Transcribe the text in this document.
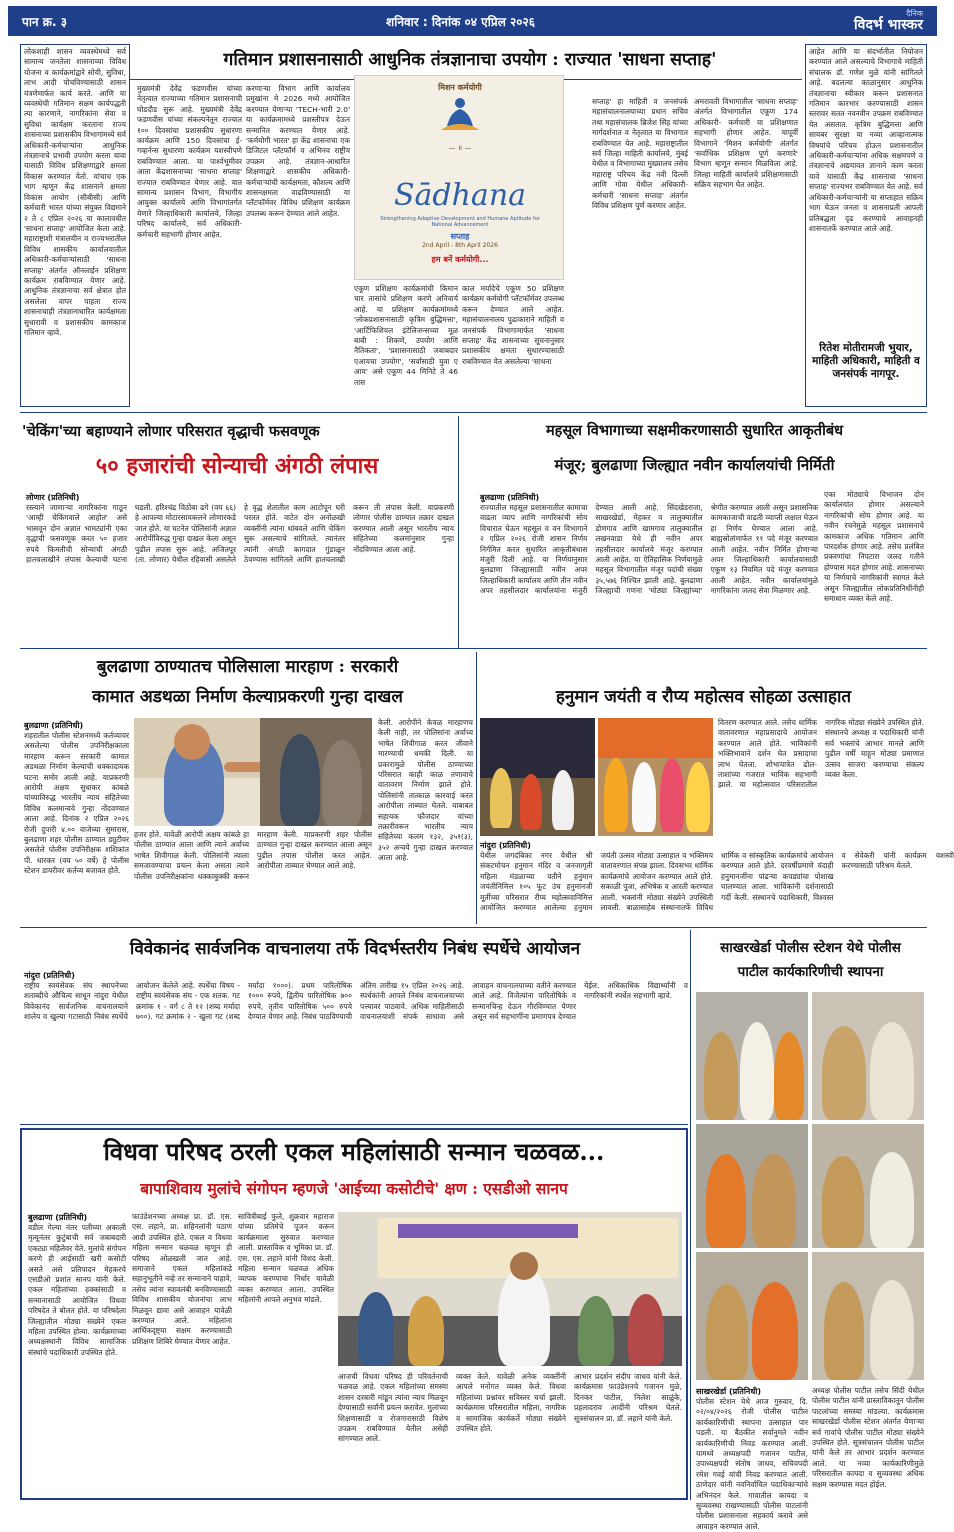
पान क्र. ३	शनिवार : दिनांक ०४ एप्रिल २०२६
दैनिक
विदर्भ भास्कर
गतिमान प्रशासनासाठी आधुनिक तंत्रज्ञानाचा उपयोग : राज्यात 'साधना सप्ताह'
लोकशाही शासन व्यवस्थेमध्ये सर्व सामान्य जनतेला शासनाच्या विविध योजना व कार्यक्रमांद्वारे सोयी, सुविधा, लाभ आदी पोचविण्यासाठी शासन यंत्रणेमार्फत कार्य करते. आणि या व्यवस्थेची गतिमान सक्षम कार्यपद्धती त्या कारणाने, नागरिकांना सेवा व सुविधा कार्यक्षम करताना राज्य शासनाच्या प्रशासकीय विभागांमध्ये सर्व अधिकारी-कर्मचाऱ्यांना आधुनिक तंत्रज्ञानाचे प्रभावी उपयोग करता यावा यासाठी विविध प्रशिक्षणाद्वारे क्षमता विकास करण्यात येतो. यांचाच एक भाग म्हणून केंद्र शासनाने क्षमता विकास आयोग (सीबीसी) आणि कर्मचारी भारत यांच्या संयुक्त विद्यमाने २ ते ८ एप्रिल २०२६ या कालावधीत 'साधना सप्ताह' आयोजित केला आहे. महाराष्ट्राशी मंत्रालयीन व राज्यभरातील विविध शासकीय कार्यालयातील अधिकारी-कर्मचाऱ्यांसाठी 'साधना सप्ताह' अंतर्गत ऑनलाईन प्रशिक्षण कार्यक्रम राबविण्यात येणार आहे. आधुनिक तंत्रज्ञानाचा सर्व क्षेत्रात होत असलेला वापर पाहता राज्य शासनाचाही तंत्रज्ञानाधारित कार्यक्षमता सुधारावी व प्रशासकीय कामकाज गतिमान व्हावे.
मुख्यमंत्री देवेंद्र फडणवीस यांच्या नेतृत्वात राज्याच्या गतिमान प्रशासनाची घोडदौड सुरू आहे. मुख्यमंत्री देवेंद्र फडणवीस यांच्या संकल्पनेतून राज्यात १०० दिवसांचा प्रशासकीय सुधारणा कार्यक्रम आणि 150 दिवसांचा ई-गव्हर्नन्स सुधारणा कार्यक्रम यशस्वीपणे राबविण्यात आला. या पार्श्वभूमीवर आता केंद्रशासनाच्या 'साधना सप्ताह' राज्यात राबविण्यात येणार आहे. यात सामान्य प्रशासन विभाग, विभागीय आयुक्त कार्यालये आणि विभागांतर्गत येणारे जिल्हाधिकारी कार्यालये, जिल्हा परिषद कार्यालये, सर्व अधिकारी-कर्मचारी सहभागी होणार आहेत.
करणाऱ्या विभाग आणि कार्यालय प्रमुखांना मे 2026 मध्ये आयोजित करण्यात येणाऱ्या 'TECH-भारी 2.0' या कार्यक्रमामध्ये प्रशस्तीपत्र देऊन सन्मानित करण्यात येणार आहे. 'कर्मयोगी भारत' हा केंद्र शासनाचा एक डिजिटल प्लॅटफॉर्म व अभिनव राष्ट्रीय उपक्रम आहे. तंत्रज्ञान-आधारित शिक्षणाद्वारे शासकीय अधिकारी-कर्मचाऱ्यांची कार्यक्षमता, कौशल्य आणि शासनक्षमता वाढविण्यासाठी या प्लॅटफॉर्मवर विविध प्रशिक्षण कार्यक्रम उपलब्ध करून देण्यात आले आहेत.
मिशन कर्मयोगी
— ॥ —
Sādhana
Strengthening Adaptive Development and Humane Aptitude for National Advancement
सप्ताह
2nd April - 8th April 2026
हम बनें कर्मयोगी...
एकूण प्रशिक्षण कार्यक्रमांची किमान चार तासांचे प्रशिक्षण करणे अनिवार्य आहे. या प्रशिक्षण कार्यक्रमांमध्ये 'लोकप्रशासनासाठी कृत्रिम बुद्धिमत्ता', 'आर्टिफिशियल इंटेलिजन्सच्या मूळ बाबी : शिकणे, उपयोग आणि नैतिकता', 'प्रशासनासाठी जबाबदार एआयचा उपयोग', 'सर्वांसाठी युवा ए आय' असे एकूण 44 मिनिटे ते 46 तास
काल मर्यादेचे एकूण 50 प्रशिक्षण कार्यक्रम कर्मयोगी प्लॅटफॉर्मवर उपलब्ध करून देण्यात आले आहेत. महासंचालनालय पुढाकाराने माहिती व जनसंपर्क विभागामार्फत 'साधना सप्ताह' केंद्र शासनाच्या सूचनानुसार प्रशासकीय क्षमता सुधारण्यासाठी राबविण्यात येत असलेल्या 'साधना
सप्ताह' हा माहिती व जनसंपर्क महासंचालनालयाच्या प्रधान सचिव तथा महासंचालक ब्रिजेश सिंह यांच्या मार्गदर्शनात व नेतृत्वात या विभागात राबविण्यात येत आहे. महाराष्ट्रातील सर्व जिल्हा माहिती कार्यालये, मुंबई येथील व विभागाच्या मुख्यालय तसेच महाराष्ट्र परिचय केंद्र नवी दिल्ली आणि गोवा येथील अधिकारी-कर्मचारी 'साधना सप्ताह' अंतर्गत विविध प्रशिक्षण पूर्ण करणार आहेत.
अमरावती विभागातील 'साधना सप्ताह' अंतर्गत विभागातील एकूण 174 अधिकारी- कर्मचारी या प्रशिक्षणात सहभागी होणार आहेत. यापूर्वी विभागाने 'मिशन कर्मयोगी' अंतर्गत 'सर्वाधिक प्रशिक्षण पूर्ण करणारे' विभाग म्हणून सन्मान मिळविला आहे. जिल्हा माहिती कार्यालये प्रशिक्षणासाठी सक्रिय सहभाग घेत आहेत.
आहेत आणि या संदर्भातील नियोजन करण्यात आले असल्याचे विभागाचे माहिती संचालक डॉ. गणेश मुळे यांनी सांगितले आहे. बदलत्या काळानुसार आधुनिक तंत्रज्ञानाचा स्वीकार करून प्रशासनात गतिमान कारभार करण्यासाठी शासन स्तरावर सतत नवनवीन उपक्रम राबविण्यात येत असतात. कृत्रिम बुद्धिमत्ता आणि सायबर सुरक्षा या नव्या आव्हानात्मक विषयांचे परिचय होऊन प्रशासनातील अधिकारी-कर्मचाऱ्यांना अधिक सक्षमपणे व तंत्रज्ञानाचे अद्ययावत ज्ञानाने काम करता यावे यासाठी केंद्र शासनाचा 'साधना सप्ताह' राज्यभर राबविण्यात येत आहे. सर्व अधिकारी-कर्मचाऱ्यांनी या सप्ताहात सक्रिय भाग घेऊन जनता व शासनाप्रती आपली प्रतिबद्धता दृढ करण्याचे आवाहनही शासनातर्फे करण्यात आले आहे.
रितेश मोतीरामजी भुयार, माहिती अधिकारी, माहिती व जनसंपर्क नागपूर.
'चेकिंग'च्या बहाण्याने लोणार परिसरात वृद्धाची फसवणूक
५० हजारांची सोन्याची अंगठी लंपास
लोणार (प्रतिनिधी)
रस्त्याने जाणाऱ्या नागरिकांना गाठून 'आम्ही चेकिंगवाले आहोत' असे भासवून दोन अज्ञात भामट्यांनी एका वृद्धाची फसवणूक करत ५० हजार रुपये किमतीची सोन्याची अंगठी हातचलाखीने लंपास केल्याची घटना घडली. हरिश्चंद्र विठोबा ढगे (वय ६६) हे आपल्या मोटारसायकलने लोणारकडे जात होते. या घटनेत पोलिसांनी अज्ञात आरोपींविरुद्ध गुन्हा दाखल केला असून पुढील तपास सुरू आहे. अजितपूर (ता. लोणार) येथील रहिवासी असलेले हे वृद्ध शेतातील काम आटोपून घरी परतत होते. वाटेत दोन अनोळखी व्यक्तींनी त्यांना थांबवले आणि चेकिंग सुरू असल्याचे सांगितले. त्यानंतर त्यांनी अंगठी कागदात गुंडाळून ठेवण्यास सांगितले आणि हातचलाखी करून ती लंपास केली. याप्रकरणी लोणार पोलीस ठाण्यात तक्रार दाखल करण्यात आली असून भारतीय न्याय संहितेच्या कलमांनुसार गुन्हा नोंदविण्यात आला आहे.
महसूल विभागाच्या सक्षमीकरणासाठी सुधारित आकृतीबंध
मंजूर; बुलढाणा जिल्ह्यात नवीन कार्यालयांची निर्मिती
बुलढाणा (प्रतिनिधी)
राज्यातील महसूल प्रशासनातील कामाचा वाढता व्याप आणि नागरिकांची सोय विचारात घेऊन महसूल व वन विभागाने २ एप्रिल २०२६ रोजी शासन निर्णय निर्गमित करत सुधारित आकृतीबंधास मंजुरी दिली आहे. या निर्णयानुसार बुलढाणा जिल्ह्यासाठी नवीन अपर जिल्हाधिकारी कार्यालय आणि तीन नवीन अपर तहसीलदार कार्यालयांना मंजुरी देण्यात आली आहे. सिंदखेडराजा, साखरखेर्डा, मेहकर व तालुक्यातील डोणगाव आणि खामगाव तालुक्यातील लखनवाडा येथे ही नवीन अपर तहसीलदार कार्यालये मंजूर करण्यात आली आहेत. या ऐतिहासिक निर्णयामुळे महसूल विभागातील मंजूर पदांची संख्या ३५,५७६ निश्चित झाली आहे. बुलढाणा जिल्ह्याची गणना 'मोठ्या जिल्ह्यांच्या' श्रेणीत करण्यात आली असून प्रशासनिक कामकाजाची वाढती व्याप्ती लक्षात घेऊन हा निर्णय घेण्यात आला आहे. बाह्यस्रोतांमार्फत ११ पदे मंजूर करण्यात आली आहेत. नवीन निर्मित होणाऱ्या अपर जिल्हाधिकारी कार्यालयासाठी एकूण १३ नियमित पदे मंजूर करण्यात आली आहेत. नवीन कार्यालयांमुळे नागरिकांना जलद सेवा मिळणार आहे.
एका मोठ्याचे विभाजन दोन कार्यालयांत होणार असल्याने नागरिकांची सोय होणार आहे. या नवीन रचनेमुळे महसूल प्रशासनाचे कामकाज अधिक गतिमान आणि पारदर्शक होणार आहे. तसेच प्रलंबित प्रकरणांचा निपटारा जलद गतीने होण्यास मदत होणार आहे. शासनाच्या या निर्णयाचे नागरिकांनी स्वागत केले असून जिल्ह्यातील लोकप्रतिनिधींनीही समाधान व्यक्त केले आहे.
बुलढाणा ठाण्यातच पोलिसाला मारहाण : सरकारी
कामात अडथळा निर्माण केल्याप्रकरणी गुन्हा दाखल
बुलढाणा (प्रतिनिधी)
शहरातील पोलीस स्टेशनमध्ये कर्तव्यावर असलेल्या पोलीस उपनिरीक्षकाला मारहाण करून सरकारी कामात अडथळा निर्माण केल्याची धक्कादायक घटना समोर आली आहे. याप्रकरणी आरोपी अक्षय सुधाकर कांबळे यांच्याविरुद्ध भारतीय न्याय संहितेच्या विविध कलमान्वये गुन्हा नोंदवण्यात आला आहे. दिनांक २ एप्रिल २०२६ रोजी दुपारी ४.०० वाजेच्या सुमारास, बुलढाणा शहर पोलीस ठाण्यात ड्युटीवर असलेले पोलीस उपनिरीक्षक शशिकांत पी. धारकर (वय ५० वर्षे) हे पोलीस स्टेशन डायरीवर कर्तव्य बजावत होते.
हजर होते. यावेळी आरोपी अक्षय कांबळे हा पोलीस ठाण्यात आला आणि त्याने अर्वाच्य भाषेत शिवीगाळ केली. पोलिसांनी त्याला समजावण्याचा प्रयत्न केला असता त्याने पोलीस उपनिरीक्षकांना धक्काबुक्की करून मारहाण केली. याप्रकरणी शहर पोलीस ठाण्यात गुन्हा दाखल करण्यात आला असून पुढील तपास पोलीस करत आहेत. आरोपीला ताब्यात घेण्यात आले आहे.
केली. आरोपीने केवळ मारहाणच केली नाही, तर पोलिसांना अर्वाच्य भाषेत शिवीगाळ करत जीवाने मारण्याची धमकी दिली. या प्रकारामुळे पोलीस ठाण्याच्या परिसरात काही काळ तणावाचे वातावरण निर्माण झाले होते. पोलिसांनी तात्काळ कारवाई करत आरोपीला ताब्यात घेतले. याबाबत सहायक फौजदार यांच्या तक्रारीवरून भारतीय न्याय संहितेच्या कलम १३२, ३५१(३), ३५२ अन्वये गुन्हा दाखल करण्यात आला आहे.
हनुमान जयंती व रौप्य महोत्सव सोहळा उत्साहात
नांदुरा (प्रतिनिधी)
येथील जगदंबिका नगर येथील श्री संकटमोचन हनुमान मंदिर व जनजागृती महिला मंडळाच्या वतीने हनुमान जयंतीनिमित्त १०५ फूट उंच हनुमानजी मूर्तीच्या परिसरात रौप्य महोत्सवानिमित्त आयोजित करण्यात आलेल्या हनुमान जयंती उत्सव मोठ्या उत्साहात व भक्तिमय वातावरणात संपन्न झाला. दिवसभर धार्मिक कार्यक्रमांचे आयोजन करण्यात आले होते. सकाळी पूजा, अभिषेक व आरती करण्यात आली. भक्तांनी मोठ्या संख्येने उपस्थिती लावली. बाळासाहेब संस्थानातर्फे विविध धार्मिक व सांस्कृतिक कार्यक्रमांचे आयोजन करण्यात आले होते. दरवर्षीप्रमाणे यंदाही हनुमानजींना पांढऱ्या कपड्यांचा पोशाख घालण्यात आला. भाविकांनी दर्शनासाठी गर्दी केली. संस्थानचे पदाधिकारी, विश्वस्त व सेवेकरी यांनी कार्यक्रम यशस्वी करण्यासाठी परिश्रम घेतले.
वितरण करण्यात आले. तसेच धार्मिक वातावरणात महाप्रसादाचे आयोजन करण्यात आले होते. भाविकांनी भक्तिभावाने दर्शन घेत प्रसादाचा लाभ घेतला. शोभायात्रेत ढोल-ताशांच्या गजरात भाविक सहभागी झाले. या महोत्सवात परिसरातील नागरिक मोठ्या संख्येने उपस्थित होते. संस्थानचे अध्यक्ष व पदाधिकारी यांनी सर्व भक्तांचे आभार मानले आणि पुढील वर्षी याहून मोठ्या प्रमाणात उत्सव साजरा करण्याचा संकल्प व्यक्त केला.
विवेकानंद सार्वजनिक वाचनालया तर्फे विदर्भस्तरीय निबंध स्पर्धेचे आयोजन
नांदुरा (प्रतिनिधी)
राष्ट्रीय स्वयंसेवक संघ स्थापनेच्या शताब्दीचे औचित्य साधून नांदुरा येथील विवेकानंद सार्वजनिक वाचनालयाने शालेय व खुल्या गटासाठी निबंध स्पर्धेचे आयोजन केलेले आहे. स्पर्धेचा विषय - राष्ट्रीय स्वयंसेवक संघ - एक शतक. गट क्रमांक १ - वर्ग ८ ते १२ (शब्द मर्यादा ७००). गट क्रमांक २ - खुला गट (शब्द मर्यादा १०००). प्रथम पारितोषिक १००० रुपये, द्वितीय पारितोषिक ७०० रुपये, तृतीय पारितोषिक ५०० रुपये देण्यात येणार आहे. निबंध पाठविण्याची अंतिम तारीख १५ एप्रिल २०२६ आहे. स्पर्धकांनी आपले निबंध वाचनालयाच्या पत्त्यावर पाठवावे. अधिक माहितीसाठी वाचनालयाशी संपर्क साधावा असे आवाहन वाचनालयाच्या वतीने करण्यात आले आहे. विजेत्यांना पारितोषिके व सन्मानचिन्ह देऊन गौरविण्यात येणार असून सर्व सहभागींना प्रमाणपत्र देण्यात येईल. अधिकाधिक विद्यार्थ्यांनी व नागरिकांनी स्पर्धेत सहभागी व्हावे.
साखरखेर्डा पोलीस स्टेशन येथे पोलीस
पाटील कार्यकारिणीची स्थापना
साखरखेर्डा (प्रतिनिधी)
पोलीस स्टेशन येथे आज गुरुवार, दि. ०२/०४/२०२६ रोजी पोलीस पाटील कार्यकारिणीची स्थापना उत्साहात पार पडली. या बैठकीत सर्वानुमते नवीन कार्यकारिणीची निवड करण्यात आली. यामध्ये अध्यक्षपदी गजानन पाटील, उपाध्यक्षपदी संतोष जाधव, सचिवपदी रमेश गवई यांची निवड करण्यात आली. ठाणेदार यांनी नवनिर्वाचित पदाधिकाऱ्यांचे अभिनंदन केले. गावातील कायदा व सुव्यवस्था राखण्यासाठी पोलीस पाटलांनी पोलीस प्रशासनाला सहकार्य करावे असे आवाहन करण्यात आले.
अध्यक्ष पोलीस पाटील तसेच सिंदी येथील पोलीस पाटील यांनी प्रास्ताविकातून पोलीस पाटलांच्या समस्या मांडल्या. कार्यक्रमास साखरखेर्डा पोलीस स्टेशन अंतर्गत येणाऱ्या सर्व गावांचे पोलीस पाटील मोठ्या संख्येने उपस्थित होते. सूत्रसंचालन पोलीस पाटील यांनी केले तर आभार प्रदर्शन करण्यात आले. या नव्या कार्यकारिणीमुळे परिसरातील कायदा व सुव्यवस्था अधिक सक्षम करण्यास मदत होईल.
विधवा परिषद ठरली एकल महिलांसाठी सन्मान चळवळ...
बापाशिवाय मुलांचे संगोपन म्हणजे 'आईच्या कसोटीचे' क्षण : एसडीओ सानप
बुलढाणा (प्रतिनिधी)
वडील गेल्या नंतर पतीच्या अकाली मृत्यूनंतर कुटुंबाची सर्व जबाबदारी एकट्या महिलेवर येते. मुलांचे संगोपन करणे ही आईसाठी खरी कसोटी असते असे प्रतिपादन मेहकरचे एसडीओ प्रशांत सानप यांनी केले. एकल महिलांच्या हक्कांसाठी व सन्मानासाठी आयोजित विधवा परिषदेत ते बोलत होते. या परिषदेला जिल्ह्यातील मोठ्या संख्येने एकल महिला उपस्थित होत्या. कार्यक्रमाच्या अध्यक्षस्थानी विविध सामाजिक संस्थांचे पदाधिकारी उपस्थित होते.
फाउंडेशनच्या अध्यक्ष प्रा. डॉ. एस. एस. लहाने, प्रा. शहिनलांनी पठाण आदी उपस्थित होते. एकल व विधवा महिला सन्मान चळवळ म्हणून ही परिषद ओळखली जात आहे. समाजाने एकल महिलांकडे सहानुभूतीने नव्हे तर सन्मानाने पाहावे, तसेच त्यांना स्वावलंबी बनविण्यासाठी विविध शासकीय योजनांचा लाभ मिळवून द्यावा असे आवाहन यावेळी करण्यात आले. महिलांना आर्थिकदृष्ट्या सक्षम करण्यासाठी प्रशिक्षण शिबिरे घेण्यात येणार आहेत.
सावित्रीबाई फुले, शुक्रवार महाराज यांच्या प्रतिमेचे पूजन करून कार्यक्रमाला सुरुवात करण्यात आली. प्रास्ताविक व भूमिका प्रा. डॉ. एस. एस. लहाने यांनी विशद केली. महिला सन्मान चळवळ अधिक व्यापक करण्याचा निर्धार यावेळी व्यक्त करण्यात आला. उपस्थित महिलांनी आपले अनुभव मांडले.
आजची विधवा परिषद ही परिवर्तनाची चळवळ आहे. एकल महिलांच्या समस्या शासन दरबारी मांडून त्यांना न्याय मिळवून देण्यासाठी सर्वांनी प्रयत्न करावेत. मुलांच्या शिक्षणासाठी व रोजगारासाठी विशेष उपक्रम राबविण्यात येतील असेही सांगण्यात आले.
व्यक्त केले. यावेळी अनेक व्यक्तींनी आपले मनोगत व्यक्त केले. विधवा महिलांच्या प्रश्नांवर सविस्तर चर्चा झाली. कार्यक्रमास परिसरातील महिला, नागरिक व सामाजिक कार्यकर्ते मोठ्या संख्येने उपस्थित होते.
आभार प्रदर्शन संदीप जाधव यांनी केले. कार्यक्रमास फाउंडेशनचे गजानन मुळे, दिनकर पाटील, निलेश साळुंके, प्रहलादराव आदींनी परिश्रम घेतले. सूत्रसंचालन प्रा. डॉ. लहाने यांनी केले.
